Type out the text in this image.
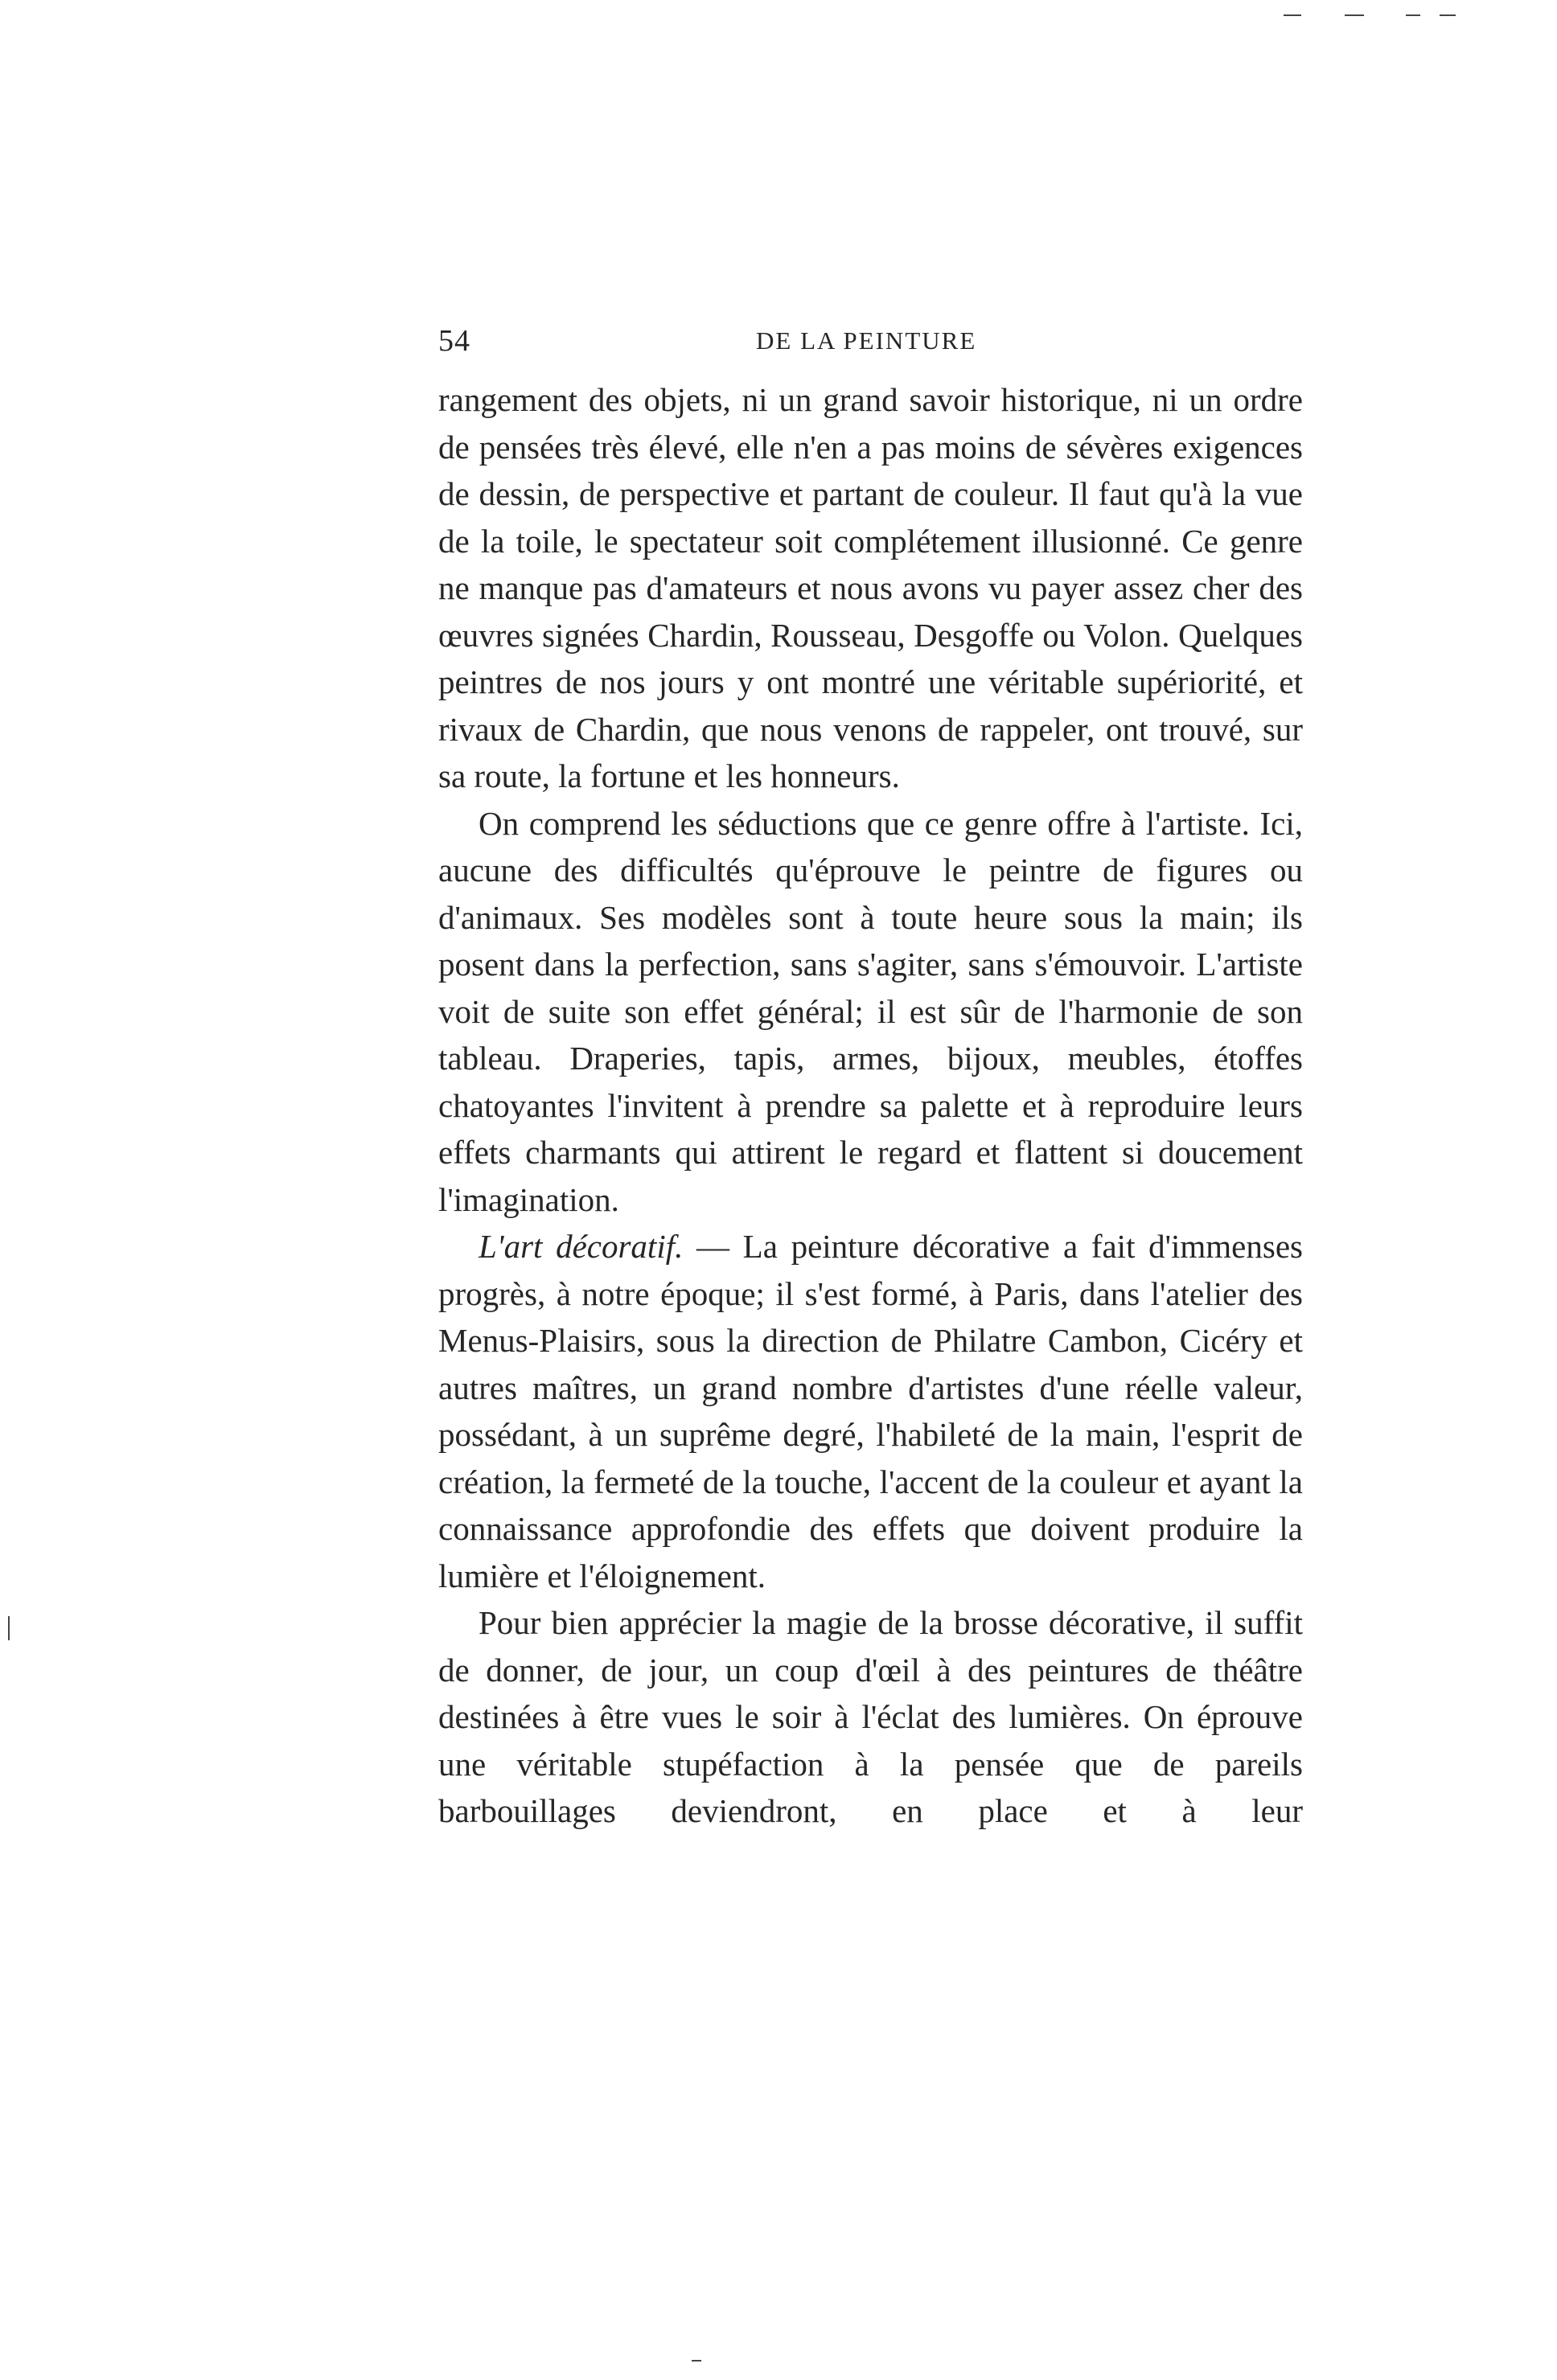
54	DE LA PEINTURE

rangement des objets, ni un grand savoir historique, ni un ordre de pensées très élevé, elle n'en a pas moins de sévères exigences de dessin, de perspective et partant de couleur. Il faut qu'à la vue de la toile, le spectateur soit complétement illusionné. Ce genre ne manque pas d'amateurs et nous avons vu payer assez cher des œuvres signées Chardin, Rousseau, Desgoffe ou Volon. Quelques peintres de nos jours y ont montré une véritable supériorité, et rivaux de Chardin, que nous venons de rappeler, ont trouvé, sur sa route, la fortune et les honneurs.

On comprend les séductions que ce genre offre à l'artiste. Ici, aucune des difficultés qu'éprouve le peintre de figures ou d'animaux. Ses modèles sont à toute heure sous la main; ils posent dans la perfection, sans s'agiter, sans s'émouvoir. L'artiste voit de suite son effet général; il est sûr de l'harmonie de son tableau. Draperies, tapis, armes, bijoux, meubles, étoffes chatoyantes l'invitent à prendre sa palette et à reproduire leurs effets charmants qui attirent le regard et flattent si doucement l'imagination.

L'art décoratif. — La peinture décorative a fait d'immenses progrès, à notre époque; il s'est formé, à Paris, dans l'atelier des Menus-Plaisirs, sous la direction de Philatre Cambon, Cicéry et autres maîtres, un grand nombre d'artistes d'une réelle valeur, possédant, à un suprême degré, l'habileté de la main, l'esprit de création, la fermeté de la touche, l'accent de la couleur et ayant la connaissance approfondie des effets que doivent produire la lumière et l'éloignement.

Pour bien apprécier la magie de la brosse décorative, il suffit de donner, de jour, un coup d'œil à des peintures de théâtre destinées à être vues le soir à l'éclat des lumières. On éprouve une véritable stupéfaction à la pensée que de pareils barbouillages deviendront, en place et à leur
